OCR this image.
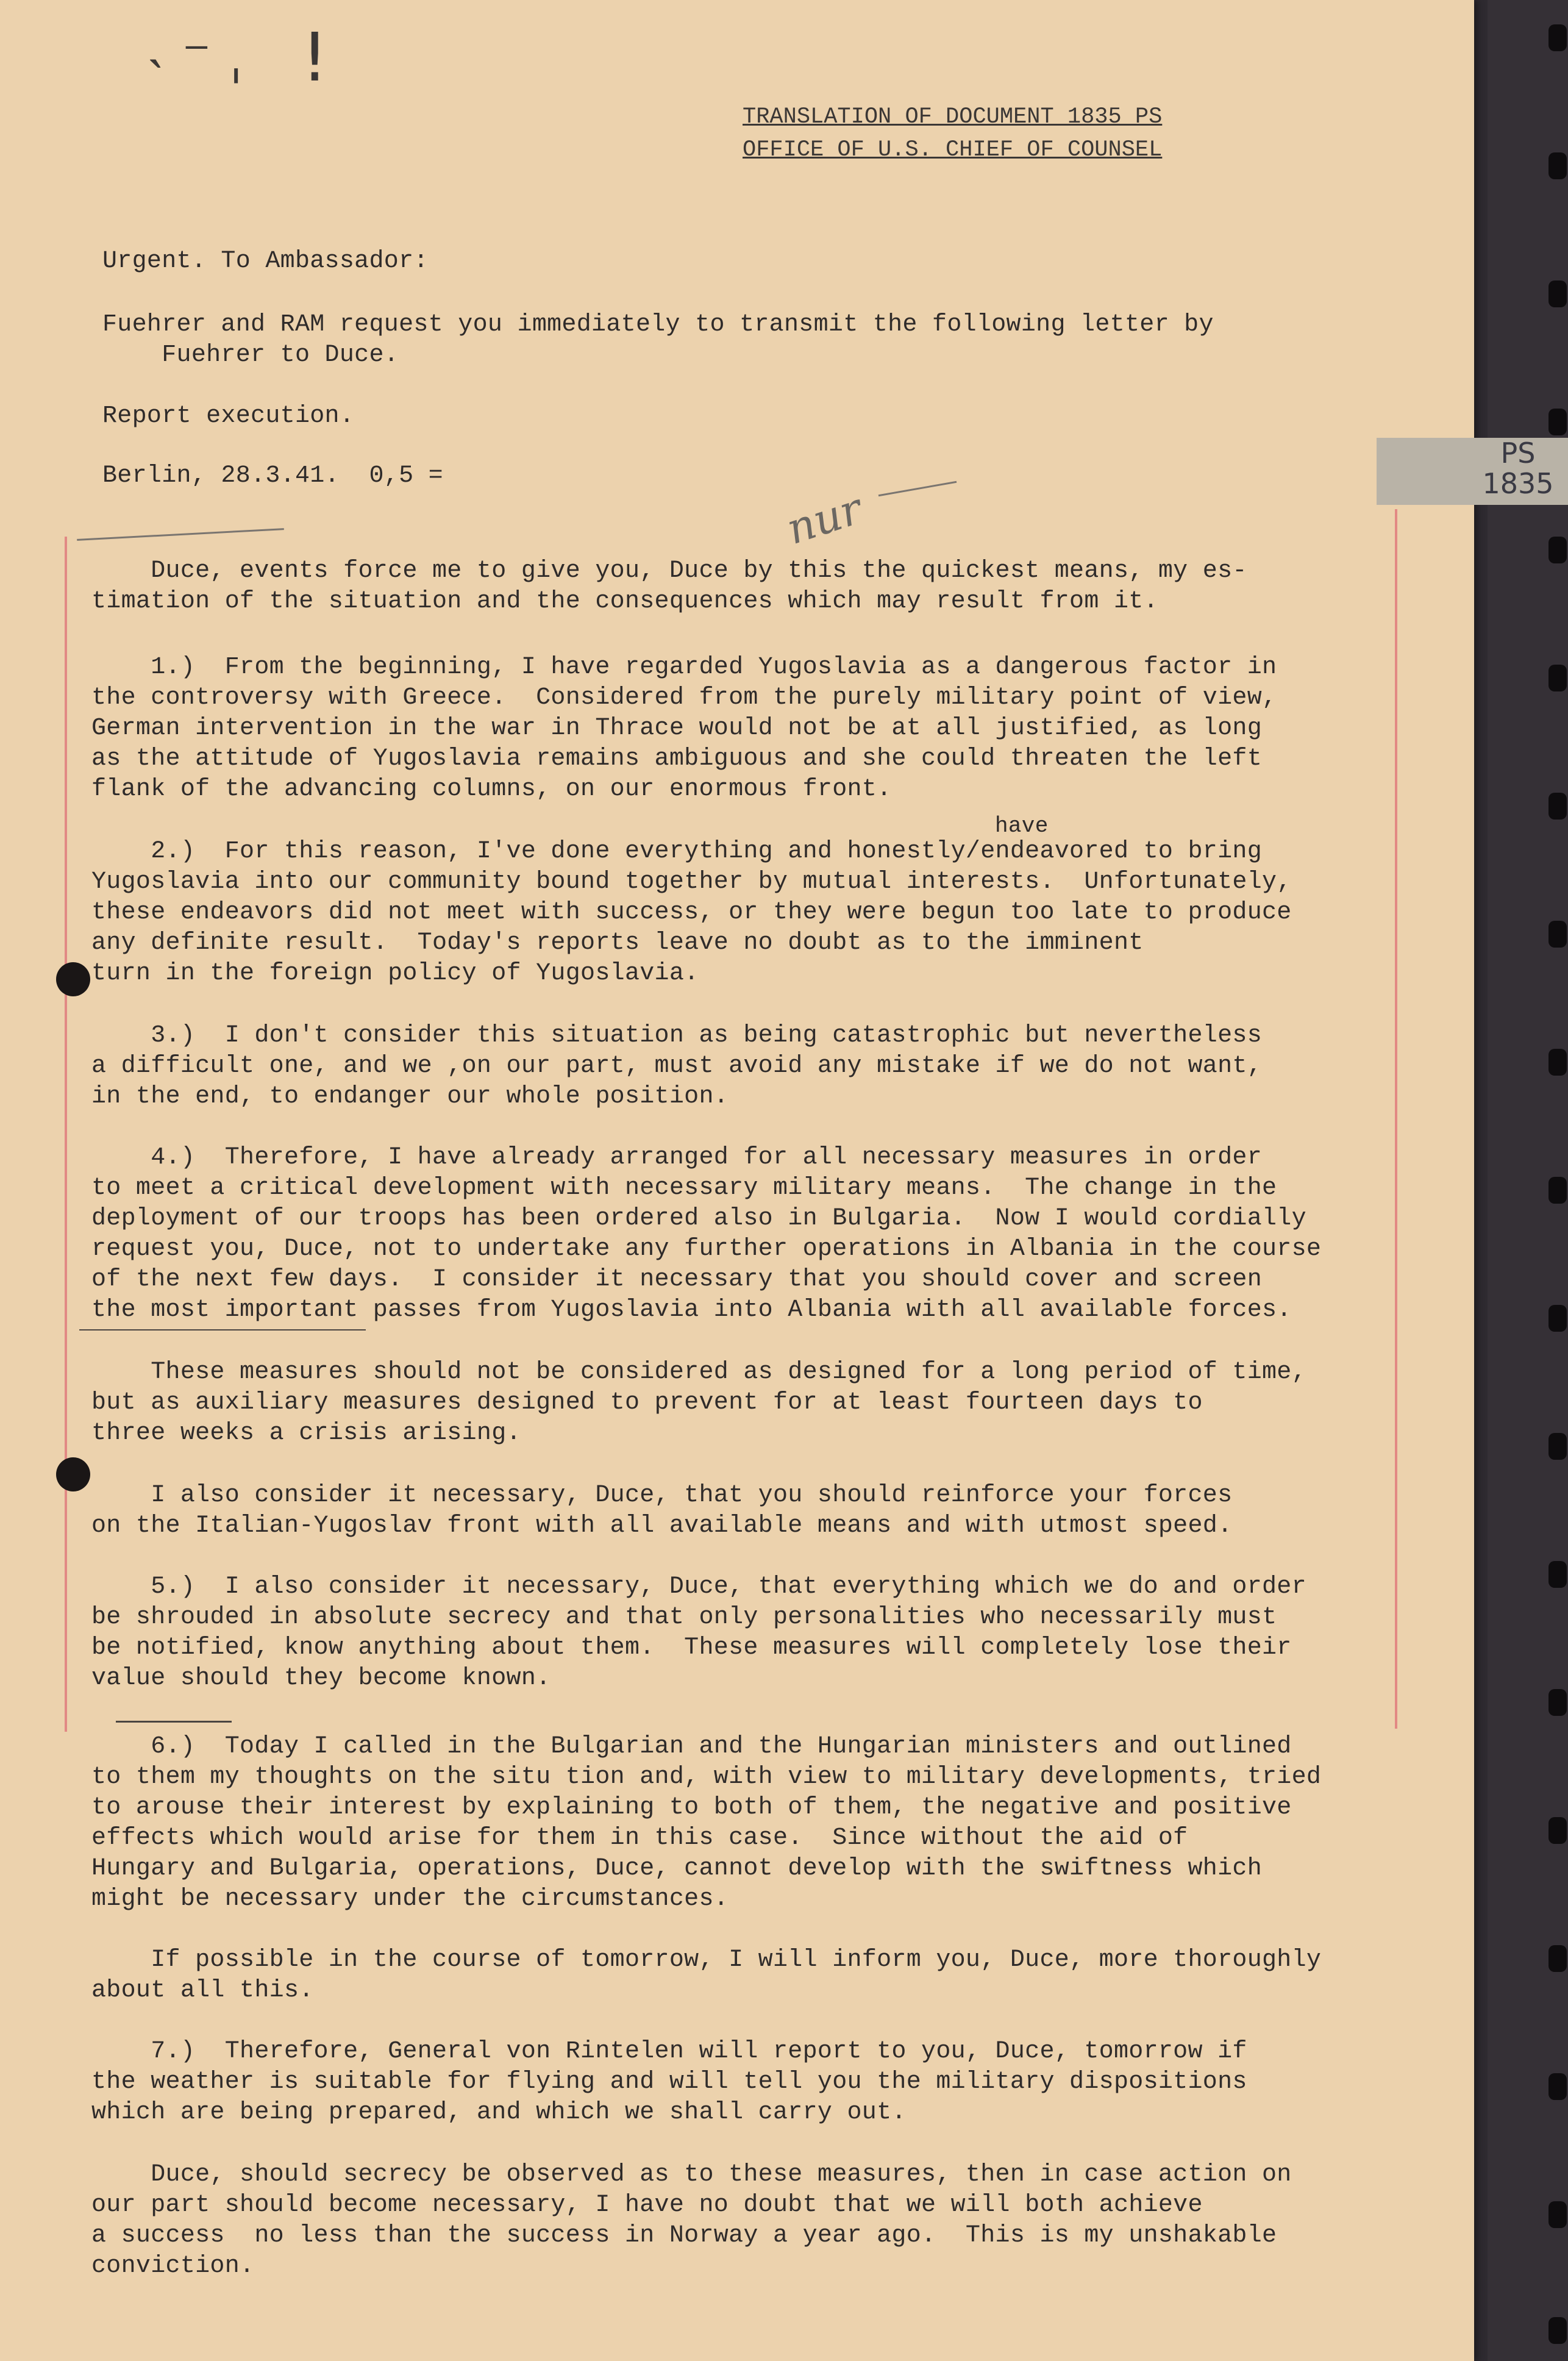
˴ ⁻ ˌ ǃ
TRANSLATION OF DOCUMENT 1835 PS
OFFICE OF U.S. CHIEF OF COUNSEL
Urgent. To Ambassador:
Fuehrer and RAM request you immediately to transmit the following letter by
Fuehrer to Duce.
Report execution.
Berlin, 28.3.41.  0,5 =
nur
Duce, events force me to give you, Duce by this the quickest means, my es-
timation of the situation and the consequences which may result from it.
1.)  From the beginning, I have regarded Yugoslavia as a dangerous factor in
the controversy with Greece.  Considered from the purely military point of view,
German intervention in the war in Thrace would not be at all justified, as long
as the attitude of Yugoslavia remains ambiguous and she could threaten the left
flank of the advancing columns, on our enormous front.
have
2.)  For this reason, I've done everything and honestly/endeavored to bring
Yugoslavia into our community bound together by mutual interests.  Unfortunately,
these endeavors did not meet with success, or they were begun too late to produce
any definite result.  Today's reports leave no doubt as to the imminent
turn in the foreign policy of Yugoslavia.
3.)  I don't consider this situation as being catastrophic but nevertheless
a difficult one, and we ,on our part, must avoid any mistake if we do not want,
in the end, to endanger our whole position.
4.)  Therefore, I have already arranged for all necessary measures in order
to meet a critical development with necessary military means.  The change in the
deployment of our troops has been ordered also in Bulgaria.  Now I would cordially
request you, Duce, not to undertake any further operations in Albania in the course
of the next few days.  I consider it necessary that you should cover and screen
the most important passes from Yugoslavia into Albania with all available forces.
These measures should not be considered as designed for a long period of time,
but as auxiliary measures designed to prevent for at least fourteen days to
three weeks a crisis arising.
I also consider it necessary, Duce, that you should reinforce your forces
on the Italian-Yugoslav front with all available means and with utmost speed.
5.)  I also consider it necessary, Duce, that everything which we do and order
be shrouded in absolute secrecy and that only personalities who necessarily must
be notified, know anything about them.  These measures will completely lose their
value should they become known.
6.)  Today I called in the Bulgarian and the Hungarian ministers and outlined
to them my thoughts on the situ tion and, with view to military developments, tried
to arouse their interest by explaining to both of them, the negative and positive
effects which would arise for them in this case.  Since without the aid of
Hungary and Bulgaria, operations, Duce, cannot develop with the swiftness which
might be necessary under the circumstances.
If possible in the course of tomorrow, I will inform you, Duce, more thoroughly
about all this.
7.)  Therefore, General von Rintelen will report to you, Duce, tomorrow if
the weather is suitable for flying and will tell you the military dispositions
which are being prepared, and which we shall carry out.
Duce, should secrecy be observed as to these measures, then in case action on
our part should become necessary, I have no doubt that we will both achieve
a success  no less than the success in Norway a year ago.  This is my unshakable
conviction.
PS
1835
